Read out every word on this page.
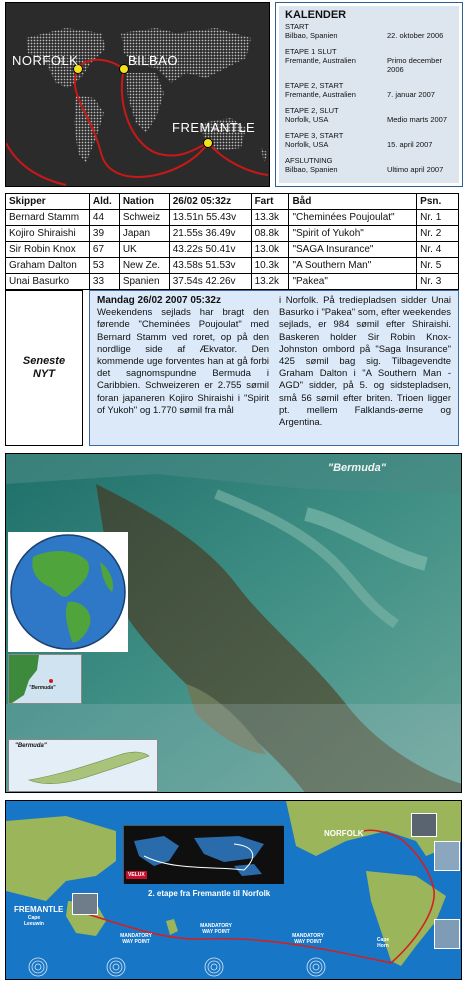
NORFOLK	BILBAO
FREMANTLE
KALENDER
START
Bilbao, Spanien	22. oktober 2006
ETAPE 1 SLUT
Fremantle, Australien	Primo december 2006
ETAPE 2, START
Fremantle, Australien	7. januar 2007
ETAPE 2, SLUT
Norfolk, USA	Medio marts 2007
ETAPE 3, START
Norfolk, USA	15. april 2007
AFSLUTNING
Bilbao, Spanien	Ultimo april 2007
Skipper	Ald.	Nation	26/02 05:32z	Fart	Båd	Psn.
Bernard Stamm	44	Schweiz	13.51n 55.43v	13.3k	"Cheminées Poujoulat"	Nr. 1
Kojiro Shiraishi	39	Japan	21.55s 36.49v	08.8k	"Spirit of Yukoh"	Nr. 2
Sir Robin Knox	67	UK	43.22s 50.41v	13.0k	"SAGA Insurance"	Nr. 4
Graham Dalton	53	New Ze.	43.58s 51.53v	10.3k	"A Southern Man"	Nr. 5
Unai Basurko	33	Spanien	37.54s 42.26v	13.2k	"Pakea"	Nr. 3
Seneste
NYT
Mandag 26/02 2007 05:32z
Weekendens sejlads har bragt den førende "Cheminées Poujoulat" med Bernard Stamm ved roret, op på den nordlige side af Ækvator. Den kommende uge forventes han at gå forbi det sagnomspundne Bermuda i Caribbien. Schweizeren er 2.755 sømil foran japaneren Kojiro Shiraishi i "Spirit of Yukoh" og 1.770 sømil fra mål
i Norfolk. På trediepladsen sidder Unai Basurko i "Pakea" som, efter weekendes sejlads, er 984 sømil efter Shiraishi. Baskeren holder Sir Robin Knox-Johnston ombord på "Saga Insurance" 425 sømil bag sig. Tilbagevendte Graham Dalton i "A Southern Man - AGD" sidder, på 5. og sidstepladsen, små 56 sømil efter briten. Trioen ligger pt. mellem Falklands-øerne og Argentina.
"Bermuda"
"Bermuda"
"Bermuda"
VELUX
2. etape fra Fremantle til Norfolk
FREMANTLE
Cape Leeuwin
NORFOLK
Cape Horn
MANDATORY WAY POINT
MANDATORY WAY POINT
MANDATORY WAY POINT
